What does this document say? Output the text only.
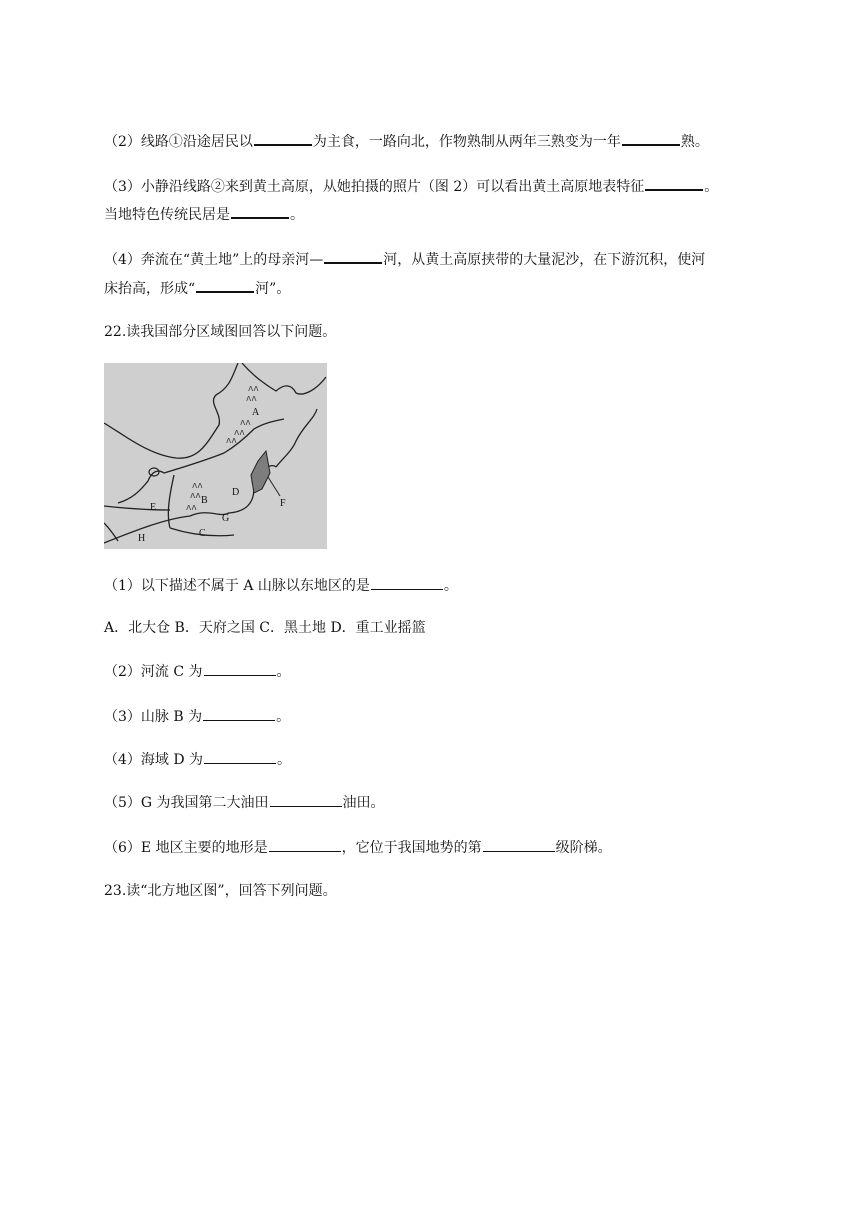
（2）线路①沿途居民以	为主食，一路向北，作物熟制从两年三熟变为一年	熟。
（3）小静沿线路②来到黄土高原，从她拍摄的照片（图 2）可以看出黄土高原地表特征	。
当地特色传统民居是	。
（4）奔流在“黄土地”上的母亲河—	河，从黄土高原挟带的大量泥沙，在下游沉积，使河
床抬高，形成“	河”。
22.读我国部分区域图回答以下问题。
ᴧᴧ
ᴧᴧ
ᴧᴧ
ᴧᴧ
ᴧᴧ
ᴧᴧ
ᴧᴧ
ᴧᴧ
A
B
C
D
E	F
G
H
（1）以下描述不属于 A 山脉以东地区的是	。
A．北大仓 B．天府之国 C．黑土地 D．重工业摇篮
（2）河流 C 为	。
（3）山脉 B 为	。
（4）海域 D 为	。
（5）G 为我国第二大油田	油田。
（6）E 地区主要的地形是	，它位于我国地势的第	级阶梯。
23.读“北方地区图”，回答下列问题。
